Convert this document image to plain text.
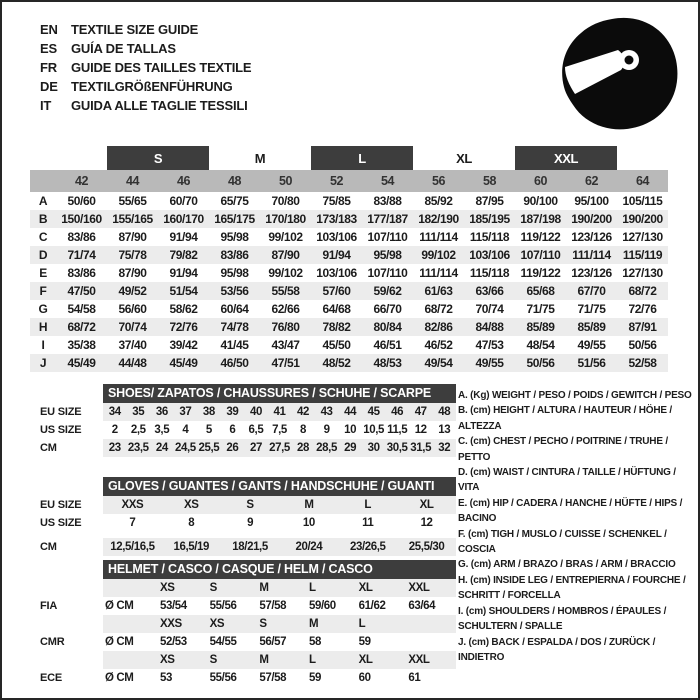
EN	TEXTILE SIZE GUIDE
ES	GUÍA DE TALLAS
FR	GUIDE DES TAILLES TEXTILE
DE	TEXTILGRÖßENFÜHRUNG
IT	GUIDA ALLE TAGLIE TESSILI
S	M	L	XL	XXL
42	44	46	48	50	52	54	56	58	60	62	64
A	50/60	55/65	60/70	65/75	70/80	75/85	83/88	85/92	87/95	90/100	95/100	105/115
B	150/160 155/165 160/170 165/175 170/180 173/183 177/187 182/190 185/195 187/198 190/200 190/200
C	83/86	87/90	91/94	95/98	99/102	103/106 107/110 111/114	115/118 119/122 123/126 127/130
D	71/74	75/78	79/82	83/86	87/90	91/94	95/98	99/102	103/106 107/110 111/114	115/119
E	83/86	87/90	91/94	95/98	99/102	103/106 107/110 111/114	115/118 119/122 123/126 127/130
F	47/50	49/52	51/54	53/56	55/58	57/60	59/62	61/63	63/66	65/68	67/70	68/72
G	54/58	56/60	58/62	60/64	62/66	64/68	66/70	68/72	70/74	71/75	71/75	72/76
H	68/72	70/74	72/76	74/78	76/80	78/82	80/84	82/86	84/88	85/89	85/89	87/91
I	35/38	37/40	39/42	41/45	43/47	45/50	46/51	46/52	47/53	48/54	49/55	50/56
J	45/49	44/48	45/49	46/50	47/51	48/52	48/53	49/54	49/55	50/56	51/56	52/58
SHOES/ ZAPATOS / CHAUSSURES / SCHUHE / SCARPE
EU SIZE	34	35	36	37	38	39	40	41	42	43	44	45	46	47	48
US SIZE	2	2,5 3,5	4	5	6	6,5 7,5	8	9	10 10,5 11,5 12	13
CM	23 23,5 24 24,5 25,5 26	27 27,5 28 28,5 29	30 30,5 31,5 32
GLOVES / GUANTES / GANTS / HANDSCHUHE / GUANTI
EU SIZE	XXS	XS	S	M	L	XL
US SIZE	7	8	9	10	11	12
CM	12,5/16,5	16,5/19	18/21,5	20/24	23/26,5	25,5/30
HELMET / CASCO / CASQUE / HELM / CASCO
XS	S	M	L	XL	XXL
FIA	Ø CM	53/54	55/56	57/58	59/60	61/62	63/64
XXS	XS	S	M	L
CMR	Ø CM	52/53	54/55	56/57	58	59
XS	S	M	L	XL	XXL
ECE	Ø CM	53	55/56	57/58	59	60	61
A. (Kg) WEIGHT / PESO / POIDS / GEWITCH / PESO
B. (cm) HEIGHT / ALTURA / HAUTEUR / HÖHE / ALTEZZA
C. (cm) CHEST / PECHO / POITRINE / TRUHE / PETTO
D. (cm) WAIST / CINTURA / TAILLE / HÜFTUNG / VITA
E. (cm) HIP / CADERA / HANCHE / HÜFTE / HIPS / BACINO
F. (cm) TIGH / MUSLO / CUISSE / SCHENKEL / COSCIA
G. (cm) ARM / BRAZO / BRAS / ARM / BRACCIO
H. (cm) INSIDE LEG / ENTREPIERNA / FOURCHE / SCHRITT / FORCELLA
I. (cm) SHOULDERS / HOMBROS / ÉPAULES / SCHULTERN / SPALLE
J. (cm) BACK / ESPALDA / DOS / ZURÜCK / INDIETRO
